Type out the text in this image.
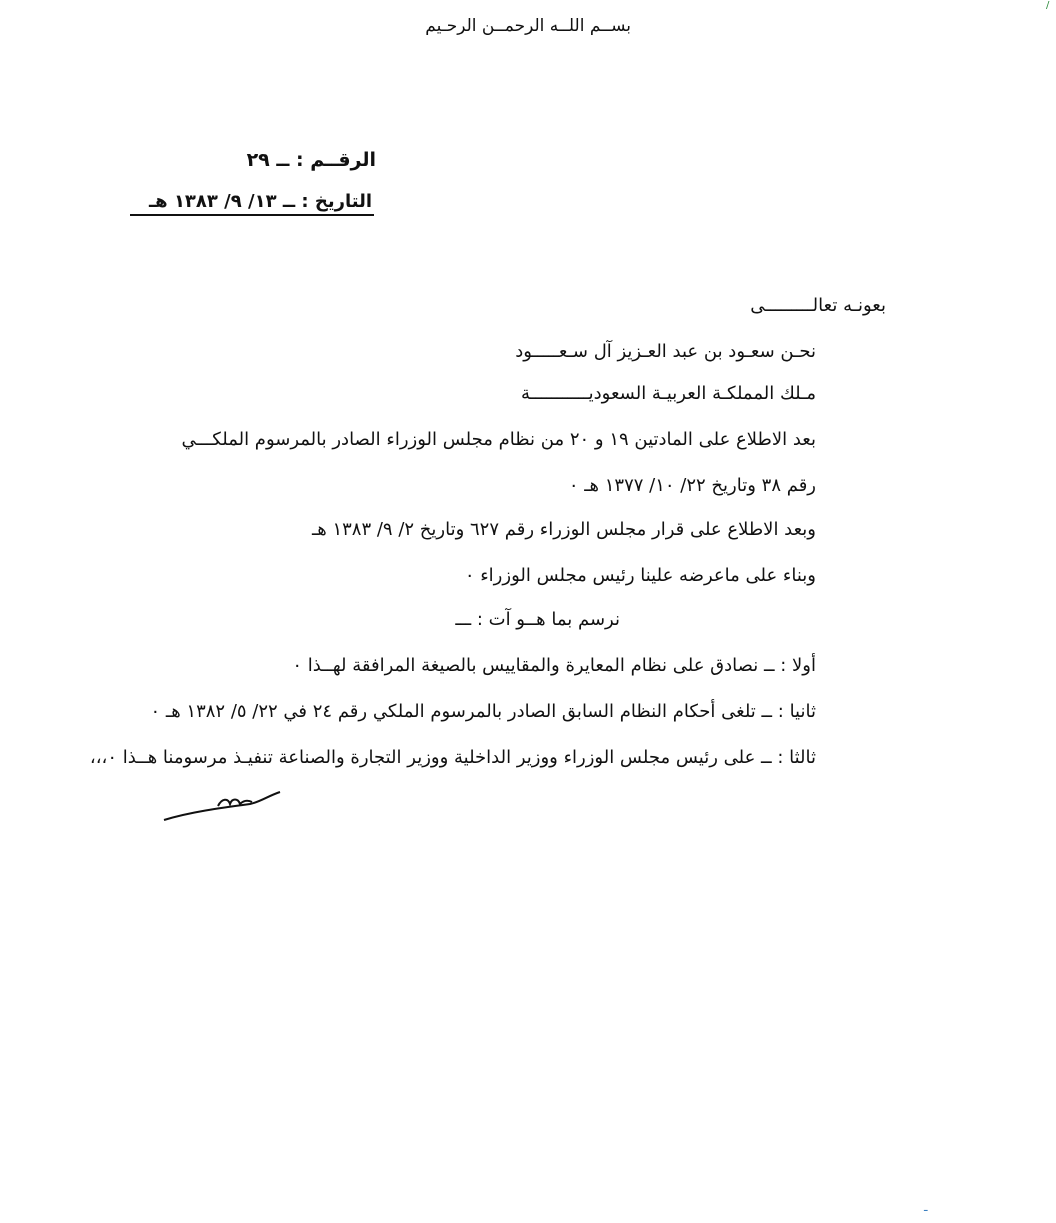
بســم اللــه الرحمــن الرحـيم
الرقــم : ــ ٢٩
التاريخ : ــ ١٣/ ٩/ ١٣٨٣ هـ
بعونـه تعالـــــــــى
نحـن سعـود بن عبد العـزيز آل سـعـــــود
مـلك المملكـة العربيـة السعوديـــــــــــة
بعد الاطلاع على المادتين ١٩ و ٢٠ من نظام مجلس الوزراء الصادر بالمرسوم الملكـــي
رقم ٣٨ وتاريخ ٢٢/ ١٠/ ١٣٧٧ هـ ٠
وبعد الاطلاع على قرار مجلس الوزراء رقم ٦٢٧ وتاريخ ٢/ ٩/ ١٣٨٣ هـ
وبناء على ماعرضه علينا رئيس مجلس الوزراء ٠
نرسم بما هــو آت : ـــ
أولا : ــ نصادق على نظام المعايرة والمقاييس بالصيغة المرافقة لهــذا ٠
ثانيا : ــ تلغى أحكام النظام السابق الصادر بالمرسوم الملكي رقم ٢٤ في ٢٢/ ٥/ ١٣٨٢ هـ ٠
ثالثا : ــ على رئيس مجلس الوزراء ووزير الداخلية ووزير التجارة والصناعة تنفيـذ مرسومنا هــذا ٠،،،
/
ـ
